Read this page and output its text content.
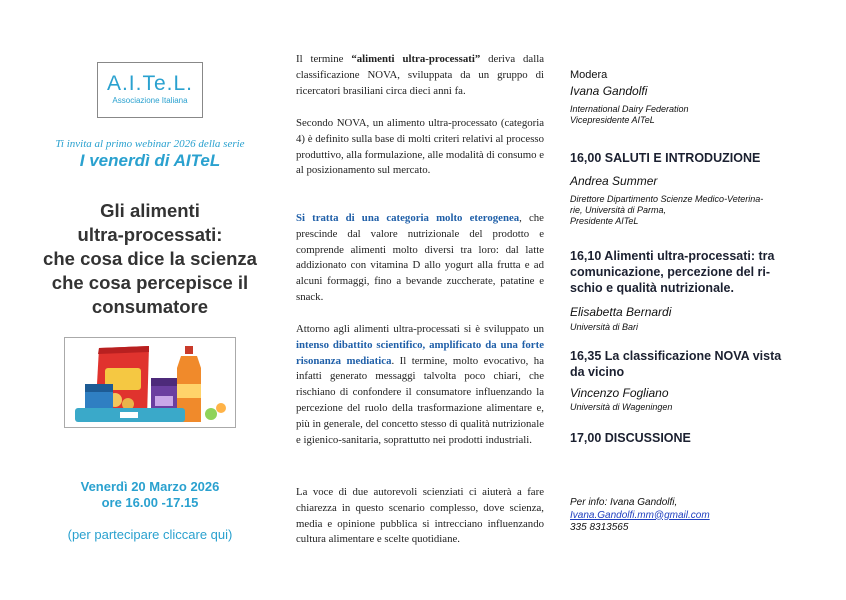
A.I.Te.L.
Associazione Italiana
Ti invita al primo webinar 2026 della serie
I venerdì di AITeL
Gli alimenti
ultra-processati:
che cosa dice la scienza
che cosa percepisce il
consumatore
Venerdì 20 Marzo 2026
ore 16.00 -17.15
(per partecipare cliccare qui)

Il termine “alimenti ultra-processati” deriva dalla classificazione NOVA, sviluppata da un gruppo di ricercatori brasiliani circa dieci anni fa.

Secondo NOVA, un alimento ultra-processato (categoria 4) è definito sulla base di molti criteri relativi al processo produttivo, alla formulazione, alle modalità di consumo e al posizionamento sul mercato.

Si tratta di una categoria molto eterogenea, che prescinde dal valore nutrizionale del prodotto e comprende alimenti molto diversi tra loro: dal latte addizionato con vitamina D allo yogurt alla frutta e ad alcuni formaggi, fino a bevande zuccherate, patatine e snack.

Attorno agli alimenti ultra-processati si è sviluppato un intenso dibattito scientifico, amplificato da una forte risonanza mediatica. Il termine, molto evocativo, ha infatti generato messaggi talvolta poco chiari, che rischiano di confondere il consumatore influenzando la percezione del ruolo della trasformazione alimentare e, più in generale, del concetto stesso di qualità nutrizionale e igienico-sanitaria, soprattutto nei prodotti industriali.

La voce di due autorevoli scienziati ci aiuterà a fare chiarezza in questo scenario complesso, dove scienza, media e opinione pubblica si intrecciano influenzando cultura alimentare e scelte quotidiane.

Modera
Ivana Gandolfi
International Dairy Federation
Vicepresidente AITeL
16,00 SALUTI E INTRODUZIONE
Andrea Summer
Direttore Dipartimento Scienze Medico-Veterina-
rie, Università di Parma,
Presidente AITeL
16,10 Alimenti ultra-processati: tra
comunicazione, percezione del ri-
schio e qualità nutrizionale.
Elisabetta Bernardi
Università di Bari
16,35 La classificazione NOVA vista
da vicino
Vincenzo Fogliano
Università di Wageningen
17,00 DISCUSSIONE
Per info: Ivana Gandolfi,
Ivana.Gandolfi.mm@gmail.com
335 8313565
